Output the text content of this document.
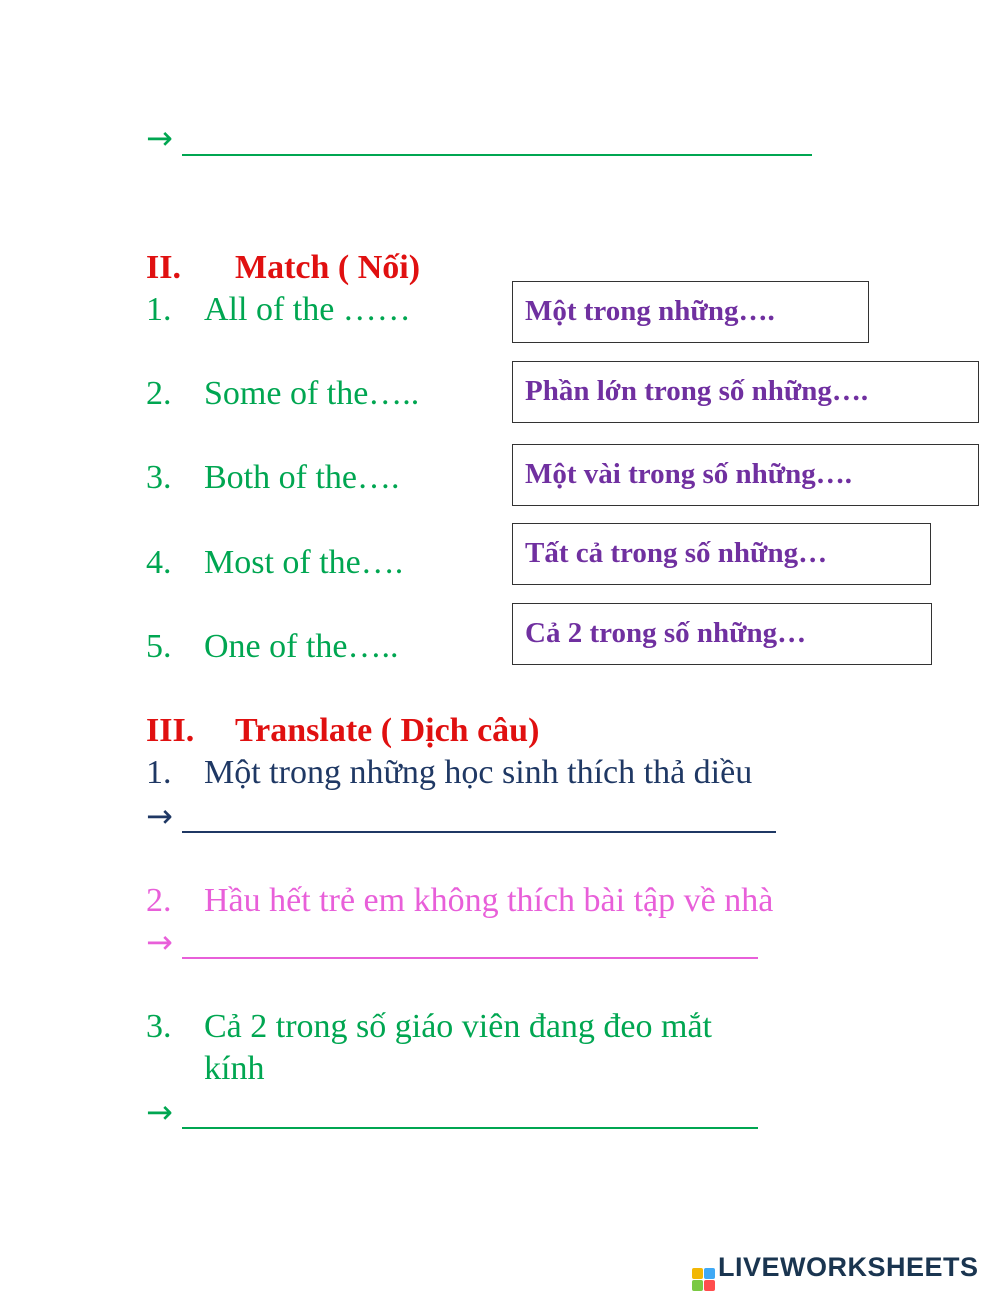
→
II. Match ( Nối)
1. All of the ……
2. Some of the…..
3. Both of the….
4. Most of the….
5. One of the…..
Một trong những….
Phần lớn trong số những….
Một vài trong số những….
Tất cả trong số những…
Cả 2 trong số những…
III. Translate ( Dịch câu)
1. Một trong những học sinh thích thả diều
→
2. Hầu hết trẻ em không thích bài tập về nhà
→
3. Cả 2 trong số giáo viên đang đeo mắt
kính
→
LIVEWORKSHEETS
